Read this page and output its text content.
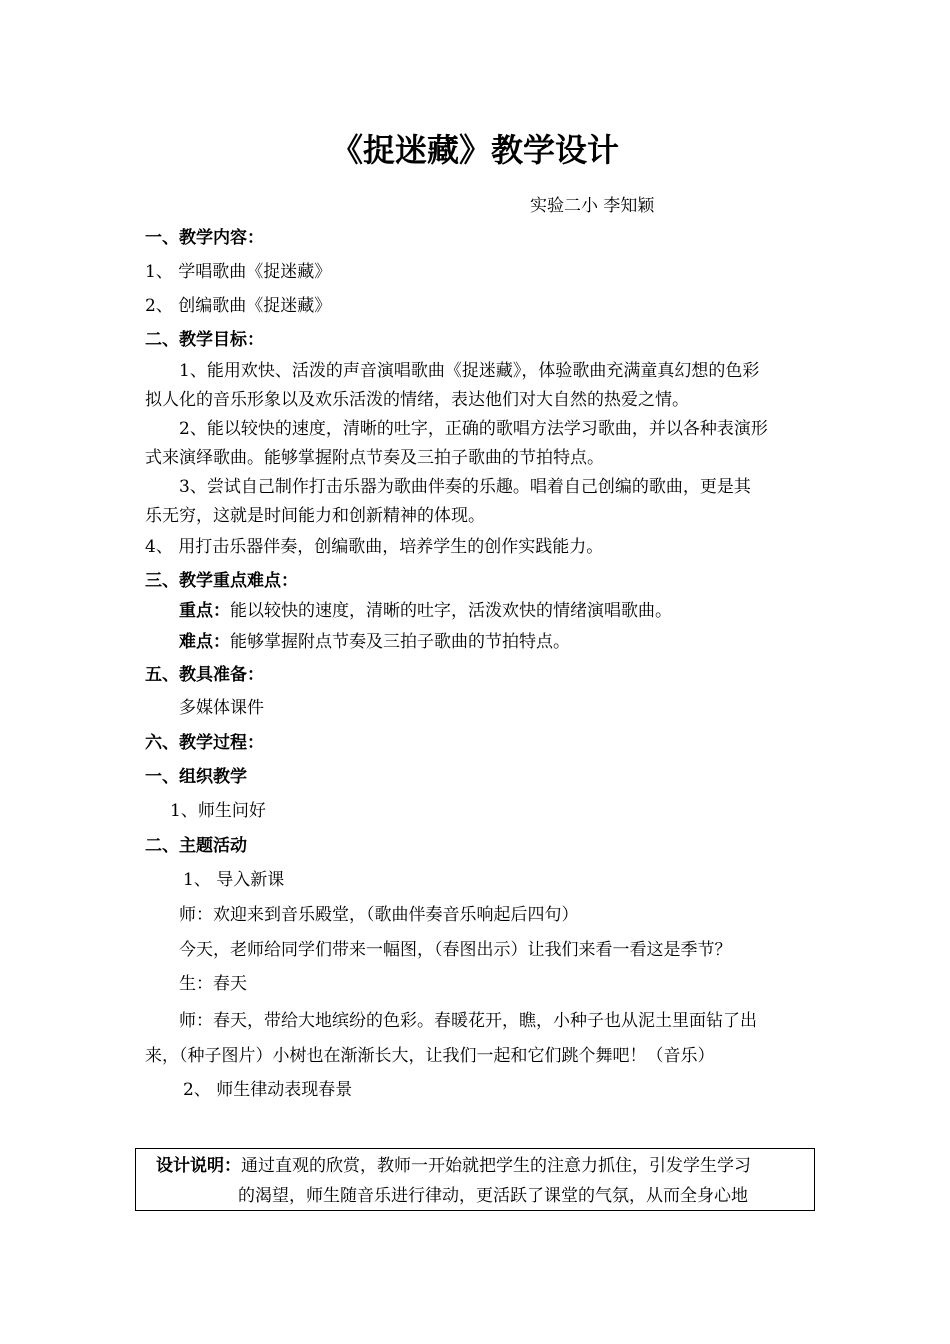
《捉迷藏》教学设计
实验二小 李知颖
一、教学内容：
1、 学唱歌曲《捉迷藏》
2、 创编歌曲《捉迷藏》
二、教学目标：
1、能用欢快、活泼的声音演唱歌曲《捉迷藏》，体验歌曲充满童真幻想的色彩
拟人化的音乐形象以及欢乐活泼的情绪，表达他们对大自然的热爱之情。
2、能以较快的速度，清晰的吐字，正确的歌唱方法学习歌曲，并以各种表演形
式来演绎歌曲。能够掌握附点节奏及三拍子歌曲的节拍特点。
3、尝试自己制作打击乐器为歌曲伴奏的乐趣。唱着自己创编的歌曲，更是其
乐无穷，这就是时间能力和创新精神的体现。
4、 用打击乐器伴奏，创编歌曲，培养学生的创作实践能力。
三、教学重点难点：
重点：能以较快的速度，清晰的吐字，活泼欢快的情绪演唱歌曲。
难点：能够掌握附点节奏及三拍子歌曲的节拍特点。
五、教具准备：
多媒体课件
六、教学过程：
一、组织教学
1、师生问好
二、主题活动
1、 导入新课
师：欢迎来到音乐殿堂，（歌曲伴奏音乐响起后四句）
今天，老师给同学们带来一幅图，（春图出示）让我们来看一看这是季节？
生：春天
师：春天，带给大地缤纷的色彩。春暖花开，瞧，小种子也从泥土里面钻了出
来，（种子图片）小树也在渐渐长大，让我们一起和它们跳个舞吧！（音乐）
2、 师生律动表现春景
设计说明：通过直观的欣赏，教师一开始就把学生的注意力抓住，引发学生学习
的渴望，师生随音乐进行律动，更活跃了课堂的气氛，从而全身心地
